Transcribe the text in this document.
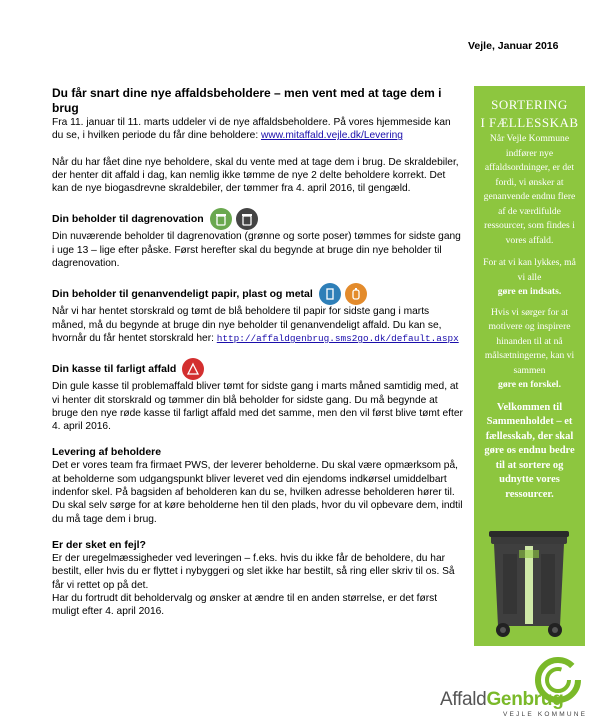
Vejle, Januar 2016
Du får snart dine nye affaldsbeholdere – men vent med at tage dem i brug

Fra 11. januar til 11. marts uddeler vi de nye affaldsbeholdere. På vores hjemmeside kan du se, i hvilken periode du får dine beholdere: www.mitaffald.vejle.dk/Levering

Når du har fået dine nye beholdere, skal du vente med at tage dem i brug. De skraldebiler, der henter dit affald i dag, kan nemlig ikke tømme de nye 2 delte beholdere korrekt. Det kan de nye biogasdrevne skraldebiler, der tømmer fra 4. april 2016, til gengæld.

Din beholder til dagrenovation

Din nuværende beholder til dagrenovation (grønne og sorte poser) tømmes for sidste gang i uge 13 – lige efter påske. Først herefter skal du begynde at bruge din nye beholder til dagrenovation.

Din beholder til genanvendeligt papir, plast og metal

Når vi har hentet storskrald og tømt de blå beholdere til papir for sidste gang i marts måned, må du begynde at bruge din nye beholder til genanvendeligt affald. Du kan se, hvornår du får hentet storskrald her: http://affaldgenbrug.sms2go.dk/default.aspx

Din kasse til farligt affald

Din gule kasse til problemaffald bliver tømt for sidste gang i marts måned samtidig med, at vi henter dit storskrald og tømmer din blå beholder for sidste gang. Du må begynde at bruge den nye røde kasse til farligt affald med det samme, men den vil først blive tømt efter 4. april 2016.

Levering af beholdere

Det er vores team fra firmaet PWS, der leverer beholderne. Du skal være opmærksom på, at beholderne som udgangspunkt bliver leveret ved din ejendoms indkørsel umiddelbart indenfor skel. På bagsiden af beholderen kan du se, hvilken adresse beholderen hører til. Du skal selv sørge for at køre beholderne hen til den plads, hvor du vil opbevare dem, indtil du må tage dem i brug.

Er der sket en fejl?

Er der uregelmæssigheder ved leveringen – f.eks. hvis du ikke får de beholdere, du har bestilt, eller hvis du er flyttet i nybyggeri og slet ikke har bestilt, så ring eller skriv til os. Så får vi rettet op på det.

Har du fortrudt dit beholdervalg og ønsker at ændre til en anden størrelse, er det først muligt efter 4. april 2016.

SORTERING
I FÆLLESSKAB

Når Vejle Kommune indfører nye affaldsordninger, er det fordi, vi ønsker at genanvende endnu flere af de værdifulde ressourcer, som findes i vores affald.

For at vi kan lykkes, må vi alle
gøre en indsats.

Hvis vi sørger for at motivere og inspirere hinanden til at nå målsætningerne, kan vi sammen
gøre en forskel.

Velkommen til Sammenholdet – et fællesskab, der skal gøre os endnu bedre til at sortere og udnytte vores ressourcer.

AffaldGenbrug
VEJLE KOMMUNE
